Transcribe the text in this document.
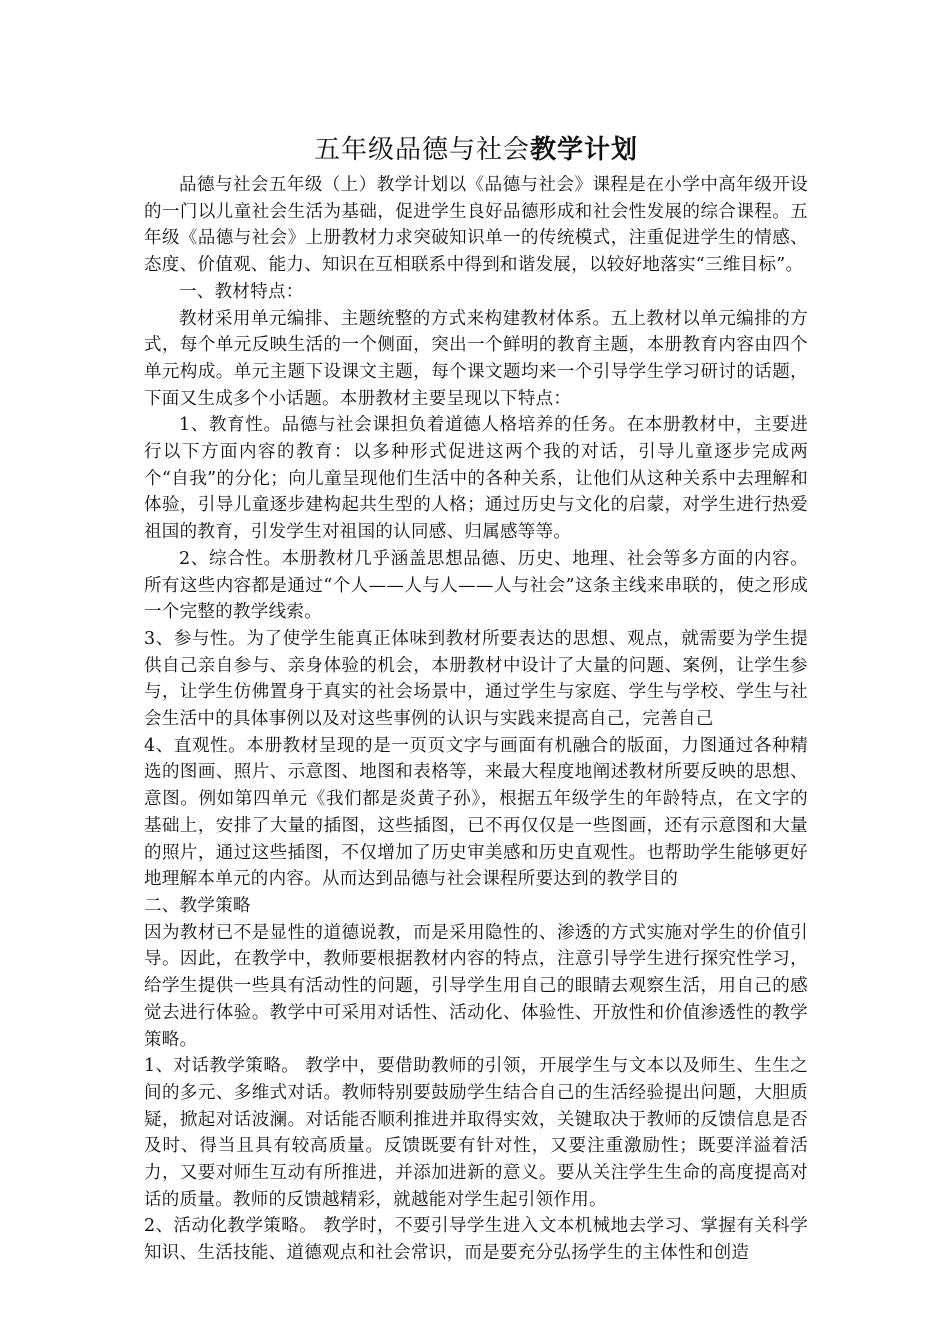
五年级品德与社会教学计划

品德与社会五年级（上）教学计划以《品德与社会》课程是在小学中高年级开设的一门以儿童社会生活为基础，促进学生良好品德形成和社会性发展的综合课程。五年级《品德与社会》上册教材力求突破知识单一的传统模式，注重促进学生的情感、态度、价值观、能力、知识在互相联系中得到和谐发展，以较好地落实“三维目标”。

一、教材特点：

教材采用单元编排、主题统整的方式来构建教材体系。五上教材以单元编排的方式，每个单元反映生活的一个侧面，突出一个鲜明的教育主题，本册教育内容由四个单元构成。单元主题下设课文主题，每个课文题均来一个引导学生学习研讨的话题，下面又生成多个小话题。本册教材主要呈现以下特点：

1、教育性。品德与社会课担负着道德人格培养的任务。在本册教材中，主要进行以下方面内容的教育：以多种形式促进这两个我的对话，引导儿童逐步完成两个“自我”的分化；向儿童呈现他们生活中的各种关系，让他们从这种关系中去理解和体验，引导儿童逐步建构起共生型的人格；通过历史与文化的启蒙，对学生进行热爱祖国的教育，引发学生对祖国的认同感、归属感等等。

2、综合性。本册教材几乎涵盖思想品德、历史、地理、社会等多方面的内容。所有这些内容都是通过“个人——人与人——人与社会”这条主线来串联的，使之形成一个完整的教学线索。

3、参与性。为了使学生能真正体味到教材所要表达的思想、观点，就需要为学生提供自己亲自参与、亲身体验的机会，本册教材中设计了大量的问题、案例，让学生参与，让学生仿佛置身于真实的社会场景中，通过学生与家庭、学生与学校、学生与社会生活中的具体事例以及对这些事例的认识与实践来提高自己，完善自己

4、直观性。本册教材呈现的是一页页文字与画面有机融合的版面，力图通过各种精选的图画、照片、示意图、地图和表格等，来最大程度地阐述教材所要反映的思想、意图。例如第四单元《我们都是炎黄子孙》，根据五年级学生的年龄特点，在文字的基础上，安排了大量的插图，这些插图，已不再仅仅是一些图画，还有示意图和大量的照片，通过这些插图，不仅增加了历史审美感和历史直观性。也帮助学生能够更好地理解本单元的内容。从而达到品德与社会课程所要达到的教学目的

二、教学策略

因为教材已不是显性的道德说教，而是采用隐性的、渗透的方式实施对学生的价值引导。因此，在教学中，教师要根据教材内容的特点，注意引导学生进行探究性学习，给学生提供一些具有活动性的问题，引导学生用自己的眼睛去观察生活，用自己的感觉去进行体验。教学中可采用对话性、活动化、体验性、开放性和价值渗透性的教学策略。

1、对话教学策略。 教学中，要借助教师的引领，开展学生与文本以及师生、生生之间的多元、多维式对话。教师特别要鼓励学生结合自己的生活经验提出问题，大胆质疑，掀起对话波澜。对话能否顺利推进并取得实效，关键取决于教师的反馈信息是否及时、得当且具有较高质量。反馈既要有针对性，又要注重激励性；既要洋溢着活力，又要对师生互动有所推进，并添加进新的意义。要从关注学生生命的高度提高对话的质量。教师的反馈越精彩，就越能对学生起引领作用。

2、活动化教学策略。 教学时，不要引导学生进入文本机械地去学习、掌握有关科学知识、生活技能、道德观点和社会常识，而是要充分弘扬学生的主体性和创造
